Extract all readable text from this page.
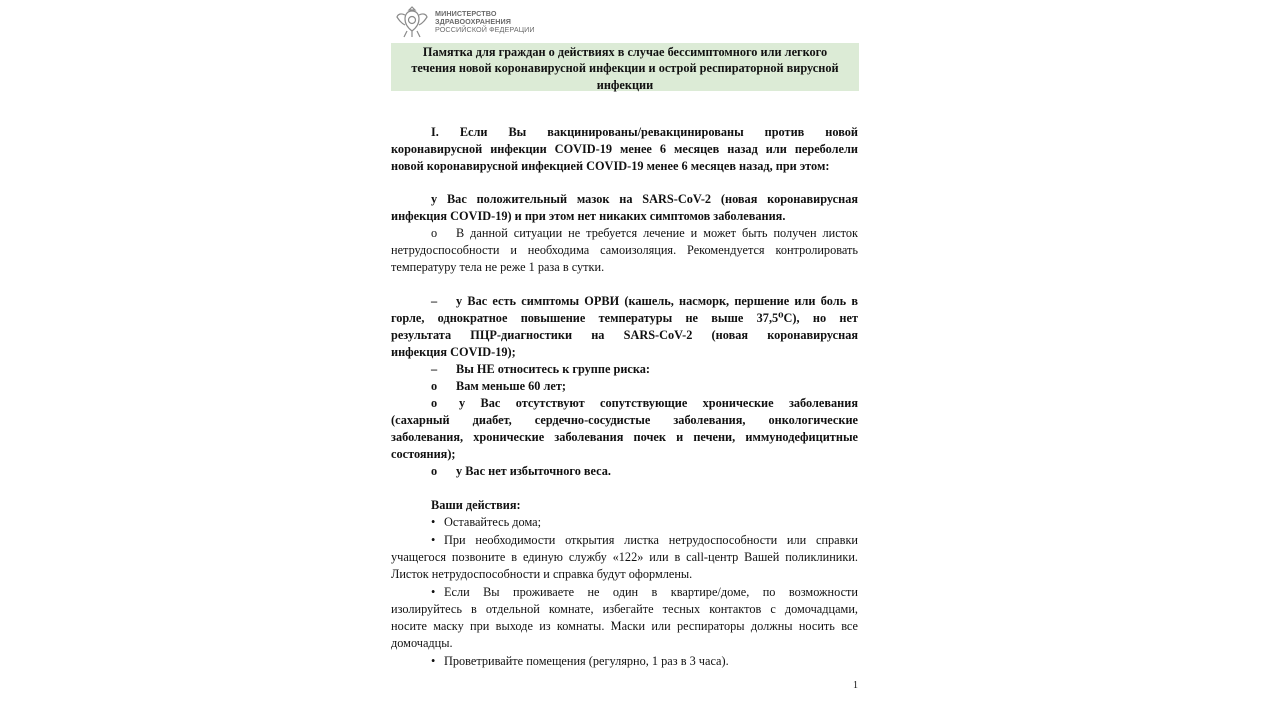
МИНИСТЕРСТВО
ЗДРАВООХРАНЕНИЯ
РОССИЙСКОЙ ФЕДЕРАЦИИ
Памятка для граждан о действиях в случае бессимптомного или легкого
течения новой коронавирусной инфекции и острой респираторной вирусной
инфекции
I. Если Вы вакцинированы/ревакцинированы против новой
коронавирусной инфекции COVID-19 менее 6 месяцев назад или переболели
новой коронавирусной инфекцией COVID-19 менее 6 месяцев назад, при этом:
у Вас положительный мазок на SARS-CoV-2 (новая коронавирусная
инфекция COVID-19) и при этом нет никаких симптомов заболевания.
o В данной ситуации не требуется лечение и может быть получен листок
нетрудоспособности и необходима самоизоляция. Рекомендуется контролировать
температуру тела не реже 1 раза в сутки.
– у Вас есть симптомы ОРВИ (кашель, насморк, першение или боль в
горле, однократное повышение температуры не выше 37,5⁰С), но нет
результата ПЦР-диагностики на SARS-CoV-2 (новая коронавирусная
инфекция COVID-19);
– Вы НЕ относитесь к группе риска:
o Вам меньше 60 лет;
o у Вас отсутствуют сопутствующие хронические заболевания
(сахарный диабет, сердечно-сосудистые заболевания, онкологические
заболевания, хронические заболевания почек и печени, иммунодефицитные
состояния);
o у Вас нет избыточного веса.
Ваши действия:
• Оставайтесь дома;
• При необходимости открытия листка нетрудоспособности или справки
учащегося позвоните в единую службу «122» или в call-центр Вашей поликлиники.
Листок нетрудоспособности и справка будут оформлены.
• Если Вы проживаете не один в квартире/доме, по возможности
изолируйтесь в отдельной комнате, избегайте тесных контактов с домочадцами,
носите маску при выходе из комнаты. Маски или респираторы должны носить все
домочадцы.
• Проветривайте помещения (регулярно, 1 раз в 3 часа).
1
